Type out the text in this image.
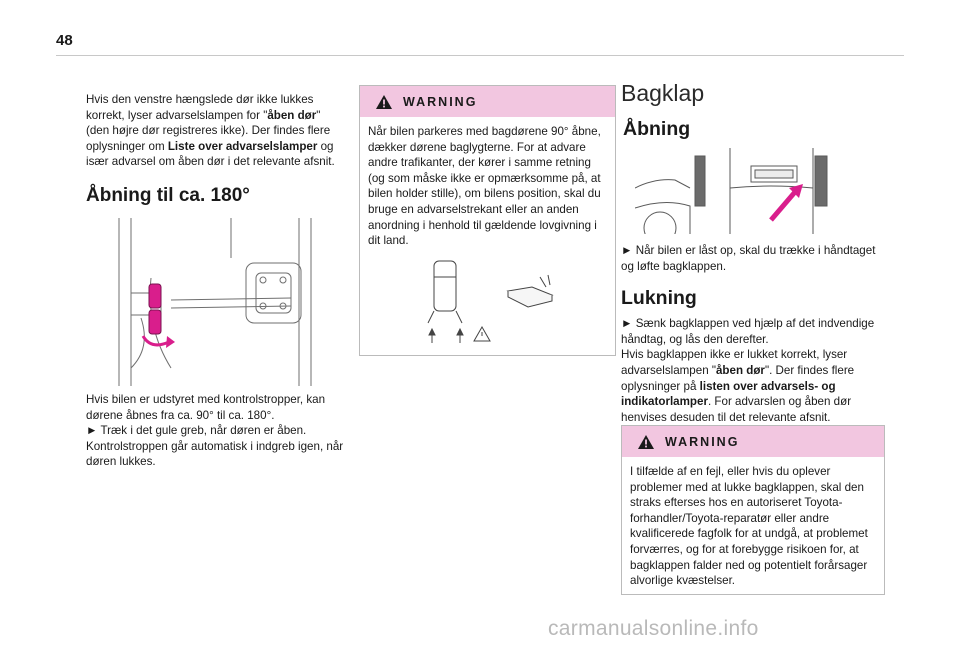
48

Hvis den venstre hængslede dør ikke lukkes korrekt, lyser advarselslampen for "åben dør" (den højre dør registreres ikke). Der findes flere oplysninger om Liste over advarselslamper og især advarsel om åben dør i det relevante afsnit.

Åbning til ca. 180°

Hvis bilen er udstyret med kontrolstropper, kan dørene åbnes fra ca. 90° til ca. 180°.

► Træk i det gule greb, når døren er åben.

Kontrolstroppen går automatisk i indgreb igen, når døren lukkes.

WARNING

Når bilen parkeres med bagdørene 90° åbne, dækker dørene baglygterne. For at advare andre trafikanter, der kører i samme retning (og som måske ikke er opmærksomme på, at bilen holder stille), om bilens position, skal du bruge en advarselstrekant eller an anden anordning i henhold til gældende lovgivning i dit land.

Bagklap
Åbning

► Når bilen er låst op, skal du trække i håndtaget og løfte bagklappen.

Lukning

► Sænk bagklappen ved hjælp af det indvendige håndtag, og lås den derefter.

Hvis bagklappen ikke er lukket korrekt, lyser advarselslampen "åben dør". Der findes flere oplysninger på listen over advarsels- og indikatorlamper. For advarslen og åben dør henvises desuden til det relevante afsnit.

WARNING

I tilfælde af en fejl, eller hvis du oplever problemer med at lukke bagklappen, skal den straks efterses hos en autoriseret Toyota-forhandler/Toyota-reparatør eller andre kvalificerede fagfolk for at undgå, at problemet forværres, og for at forebygge risikoen for, at bagklappen falder ned og potentielt forårsager alvorlige kvæstelser.

carmanualsonline.info
